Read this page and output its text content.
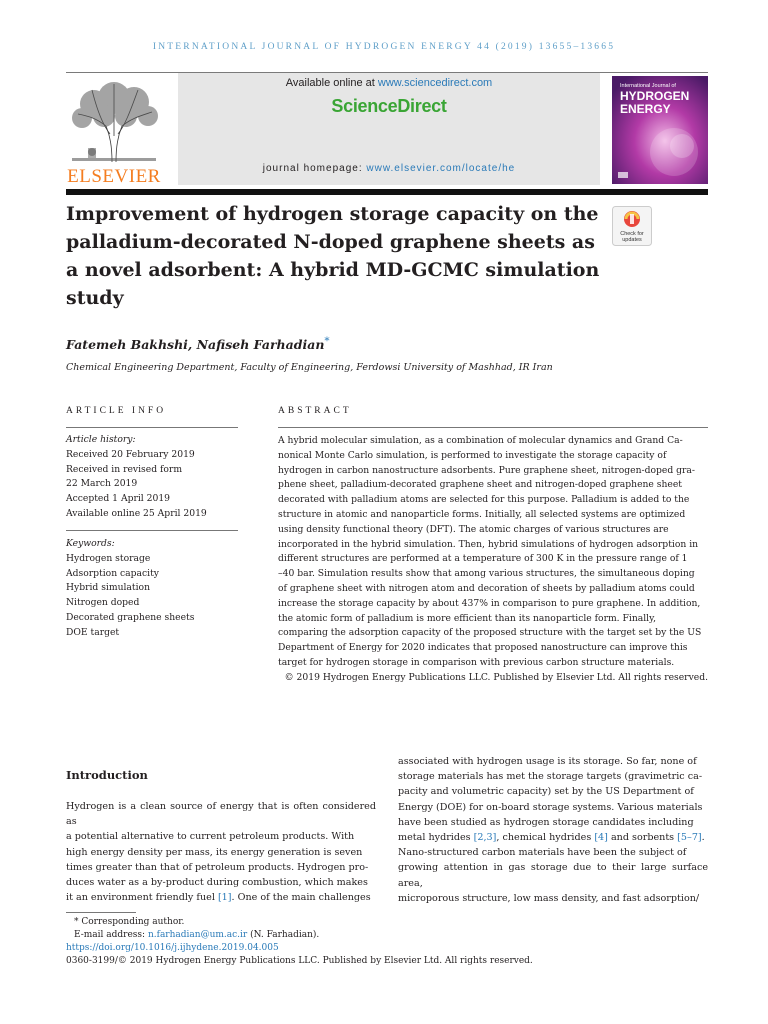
INTERNATIONAL JOURNAL OF HYDROGEN ENERGY 44 (2019) 13655–13665
ELSEVIER
Available online at www.sciencedirect.com
ScienceDirect
journal homepage: www.elsevier.com/locate/he
International Journal of
HYDROGEN
ENERGY
Improvement of hydrogen storage capacity on the
palladium-decorated N-doped graphene sheets as
a novel adsorbent: A hybrid MD-GCMC simulation
study
Check for
updates
Fatemeh Bakhshi, Nafiseh Farhadian*
Chemical Engineering Department, Faculty of Engineering, Ferdowsi University of Mashhad, IR Iran
ARTICLE INFO
Article history:
Received 20 February 2019
Received in revised form
22 March 2019
Accepted 1 April 2019
Available online 25 April 2019
Keywords:
Hydrogen storage
Adsorption capacity
Hybrid simulation
Nitrogen doped
Decorated graphene sheets
DOE target
ABSTRACT
A hybrid molecular simulation, as a combination of molecular dynamics and Grand Ca-
nonical Monte Carlo simulation, is performed to investigate the storage capacity of
hydrogen in carbon nanostructure adsorbents. Pure graphene sheet, nitrogen-doped gra-
phene sheet, palladium-decorated graphene sheet and nitrogen-doped graphene sheet
decorated with palladium atoms are selected for this purpose. Palladium is added to the
structure in atomic and nanoparticle forms. Initially, all selected systems are optimized
using density functional theory (DFT). The atomic charges of various structures are
incorporated in the hybrid simulation. Then, hybrid simulations of hydrogen adsorption in
different structures are performed at a temperature of 300 K in the pressure range of 1
–40 bar. Simulation results show that among various structures, the simultaneous doping
of graphene sheet with nitrogen atom and decoration of sheets by palladium atoms could
increase the storage capacity by about 437% in comparison to pure graphene. In addition,
the atomic form of palladium is more efficient than its nanoparticle form. Finally,
comparing the adsorption capacity of the proposed structure with the target set by the US
Department of Energy for 2020 indicates that proposed nanostructure can improve this
target for hydrogen storage in comparison with previous carbon structure materials.
© 2019 Hydrogen Energy Publications LLC. Published by Elsevier Ltd. All rights reserved.
Introduction
Hydrogen is a clean source of energy that is often considered as
a potential alternative to current petroleum products. With
high energy density per mass, its energy generation is seven
times greater than that of petroleum products. Hydrogen pro-
duces water as a by-product during combustion, which makes
it an environment friendly fuel [1]. One of the main challenges
associated with hydrogen usage is its storage. So far, none of
storage materials has met the storage targets (gravimetric ca-
pacity and volumetric capacity) set by the US Department of
Energy (DOE) for on-board storage systems. Various materials
have been studied as hydrogen storage candidates including
metal hydrides [2,3], chemical hydrides [4] and sorbents [5–7].
Nano-structured carbon materials have been the subject of
growing attention in gas storage due to their large surface area,
microporous structure, low mass density, and fast adsorption/
* Corresponding author.
E-mail address: n.farhadian@um.ac.ir (N. Farhadian).
https://doi.org/10.1016/j.ijhydene.2019.04.005
0360-3199/© 2019 Hydrogen Energy Publications LLC. Published by Elsevier Ltd. All rights reserved.
